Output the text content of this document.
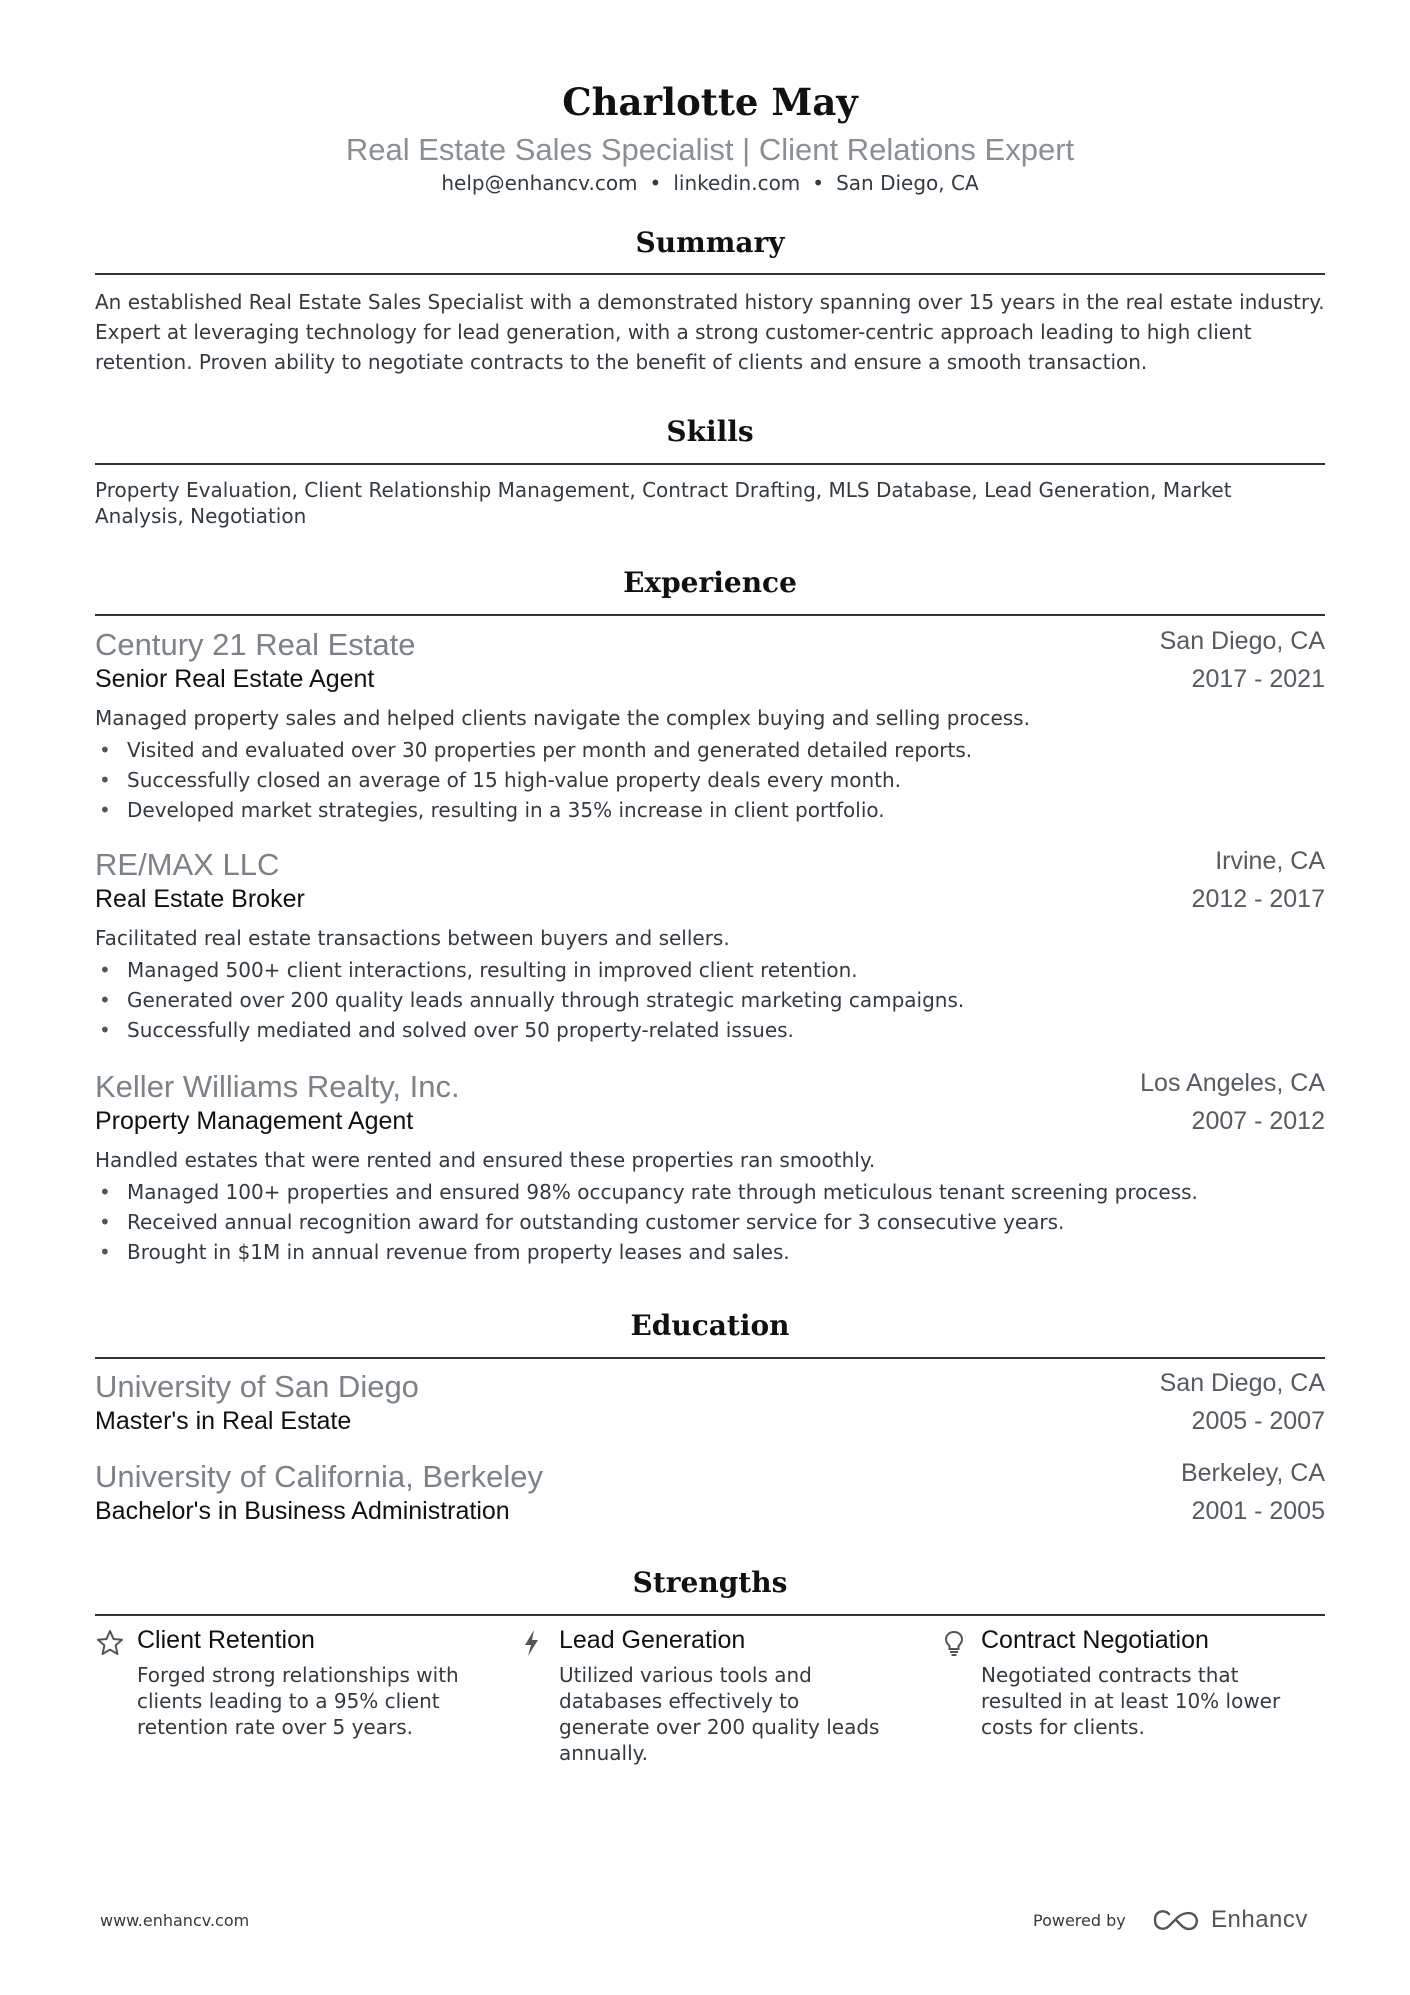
Charlotte May
Real Estate Sales Specialist | Client Relations Expert
help@enhancv.com • linkedin.com • San Diego, CA
Summary
An established Real Estate Sales Specialist with a demonstrated history spanning over 15 years in the real estate industry. Expert at leveraging technology for lead generation, with a strong customer-centric approach leading to high client retention. Proven ability to negotiate contracts to the benefit of clients and ensure a smooth transaction.
Skills
Property Evaluation, Client Relationship Management, Contract Drafting, MLS Database, Lead Generation, Market Analysis, Negotiation
Experience
Century 21 Real Estate	San Diego, CA
Senior Real Estate Agent	2017 - 2021
Managed property sales and helped clients navigate the complex buying and selling process.
• Visited and evaluated over 30 properties per month and generated detailed reports.
• Successfully closed an average of 15 high-value property deals every month.
• Developed market strategies, resulting in a 35% increase in client portfolio.
RE/MAX LLC	Irvine, CA
Real Estate Broker	2012 - 2017
Facilitated real estate transactions between buyers and sellers.
• Managed 500+ client interactions, resulting in improved client retention.
• Generated over 200 quality leads annually through strategic marketing campaigns.
• Successfully mediated and solved over 50 property-related issues.
Keller Williams Realty, Inc.	Los Angeles, CA
Property Management Agent	2007 - 2012
Handled estates that were rented and ensured these properties ran smoothly.
• Managed 100+ properties and ensured 98% occupancy rate through meticulous tenant screening process.
• Received annual recognition award for outstanding customer service for 3 consecutive years.
• Brought in $1M in annual revenue from property leases and sales.
Education
University of San Diego	San Diego, CA
Master's in Real Estate	2005 - 2007
University of California, Berkeley	Berkeley, CA
Bachelor's in Business Administration	2001 - 2005
Strengths
Client Retention
Forged strong relationships with clients leading to a 95% client retention rate over 5 years.
Lead Generation
Utilized various tools and databases effectively to generate over 200 quality leads annually.
Contract Negotiation
Negotiated contracts that resulted in at least 10% lower costs for clients.
www.enhancv.com	Powered by	Enhancv
